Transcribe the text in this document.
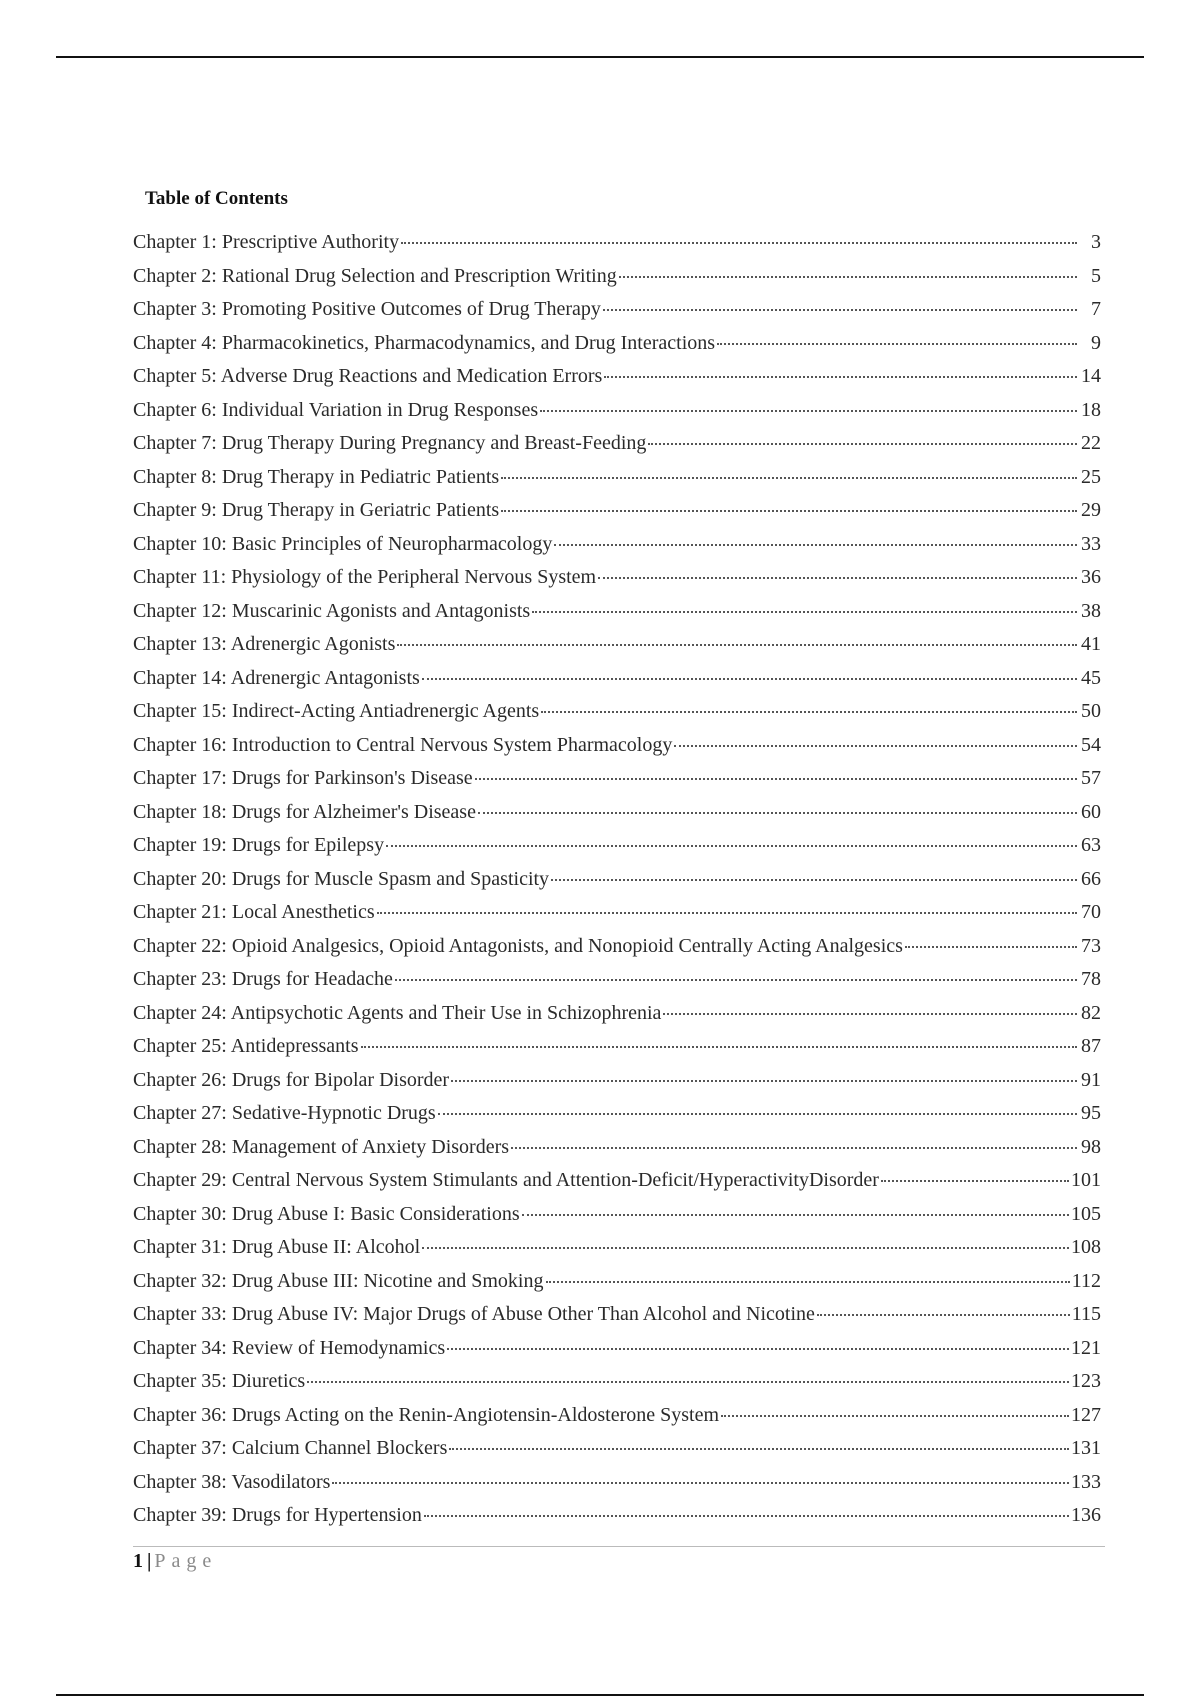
Table of Contents
Chapter 1: Prescriptive Authority	3
Chapter 2: Rational Drug Selection and Prescription Writing	5
Chapter 3: Promoting Positive Outcomes of Drug Therapy	7
Chapter 4: Pharmacokinetics, Pharmacodynamics, and Drug Interactions	9
Chapter 5: Adverse Drug Reactions and Medication Errors	14
Chapter 6: Individual Variation in Drug Responses	18
Chapter 7: Drug Therapy During Pregnancy and Breast-Feeding	22
Chapter 8: Drug Therapy in Pediatric Patients	25
Chapter 9: Drug Therapy in Geriatric Patients	29
Chapter 10: Basic Principles of Neuropharmacology	33
Chapter 11: Physiology of the Peripheral Nervous System	36
Chapter 12: Muscarinic Agonists and Antagonists	38
Chapter 13: Adrenergic Agonists	41
Chapter 14: Adrenergic Antagonists	45
Chapter 15: Indirect-Acting Antiadrenergic Agents	50
Chapter 16: Introduction to Central Nervous System Pharmacology	54
Chapter 17: Drugs for Parkinson's Disease	57
Chapter 18: Drugs for Alzheimer's Disease	60
Chapter 19: Drugs for Epilepsy	63
Chapter 20: Drugs for Muscle Spasm and Spasticity	66
Chapter 21: Local Anesthetics	70
Chapter 22: Opioid Analgesics, Opioid Antagonists, and Nonopioid Centrally Acting Analgesics	73
Chapter 23: Drugs for Headache	78
Chapter 24: Antipsychotic Agents and Their Use in Schizophrenia	82
Chapter 25: Antidepressants	87
Chapter 26: Drugs for Bipolar Disorder	91
Chapter 27: Sedative-Hypnotic Drugs	95
Chapter 28: Management of Anxiety Disorders	98
Chapter 29: Central Nervous System Stimulants and Attention-Deficit/HyperactivityDisorder	101
Chapter 30: Drug Abuse I: Basic Considerations	105
Chapter 31: Drug Abuse II: Alcohol	108
Chapter 32: Drug Abuse III: Nicotine and Smoking	112
Chapter 33: Drug Abuse IV: Major Drugs of Abuse Other Than Alcohol and Nicotine	115
Chapter 34: Review of Hemodynamics	121
Chapter 35: Diuretics	123
Chapter 36: Drugs Acting on the Renin-Angiotensin-Aldosterone System	127
Chapter 37: Calcium Channel Blockers	131
Chapter 38: Vasodilators	133
Chapter 39: Drugs for Hypertension	136
1 | Page
